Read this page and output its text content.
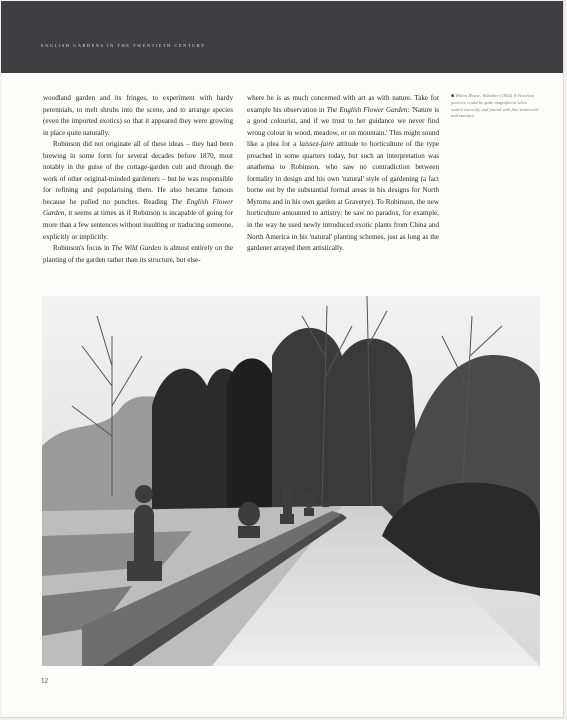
ENGLISH GARDENS IN THE TWENTIETH CENTURY

woodland garden and its fringes, to experiment with hardy perennials, to melt shrubs into the scene, and to arrange species (even the imported exotics) so that it appeared they were growing in place quite naturally.

Robinson did not originate all of these ideas – they had been brewing in some form for several decades before 1870, most notably in the guise of the cottage-garden cult and through the work of other original-minded gardeners – but he was responsible for refining and popularising them. He also became famous because he pulled no punches. Reading The English Flower Garden, it seems at times as if Robinson is incapable of going for more than a few sentences without insulting or traducing someone, explicitly or implicitly.

Robinson's focus in The Wild Garden is almost entirely on the planting of the garden rather than its structure, but else-

where he is as much concerned with art as with nature. Take for example his observation in The English Flower Garden: 'Nature is a good colourist, and if we trust to her guidance we never find wrong colour in wood, meadow, or on mountain.' This might sound like a plea for a laissez-faire attitude to horticulture of the type preached in some quarters today, but such an interpretation was anathema to Robinson, who saw no contradiction between formality in design and his own 'natural' style of gardening (a fact borne out by the substantial formal areas in his designs for North Mymms and in his own garden at Gravetye). To Robinson, the new horticulture amounted to artistry: he saw no paradox, for example, in the way he used newly introduced exotic plants from China and North America in his 'natural' planting schemes, just as long as the gardener arrayed them artistically.

■ Wilton House, Wiltshire (1904) A Victorian parterre could be quite magnificent when scaled correctly and paired with fine stonework and statuary.
12
